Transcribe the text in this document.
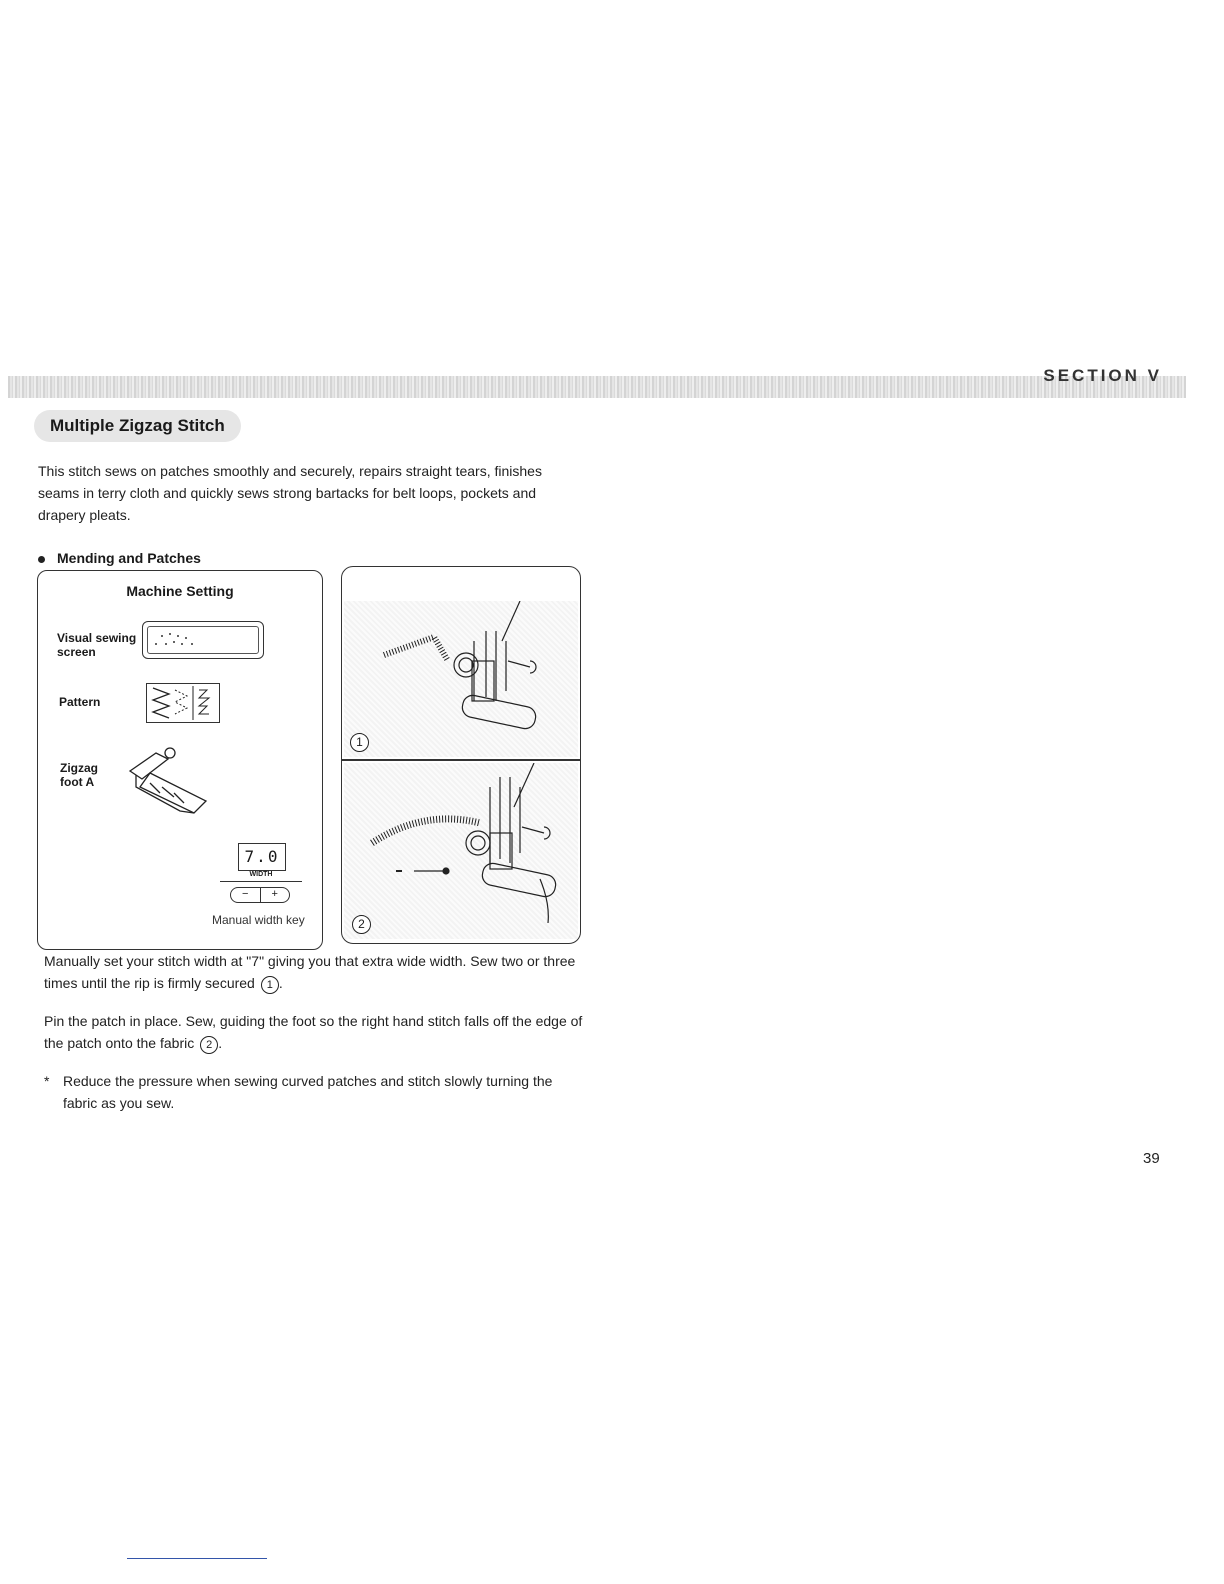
SECTION V
Multiple Zigzag Stitch
This stitch sews on patches smoothly and securely, repairs straight tears, finishes seams in terry cloth and quickly sews strong bartacks for belt loops, pockets and drapery pleats.
Mending and Patches
Machine Setting
Visual sewing
screen
Pattern
Zigzag
foot A
7.0
WIDTH
−	+
Manual width key
1
2
Manually set your stitch width at "7" giving you that extra wide width. Sew two or three times until the rip is firmly secured 1 .
Pin the patch in place. Sew, guiding the foot so the right hand stitch falls off the edge of the patch onto the fabric 2 .
* Reduce the pressure when sewing curved patches and stitch slowly turning the fabric as you sew.
39
